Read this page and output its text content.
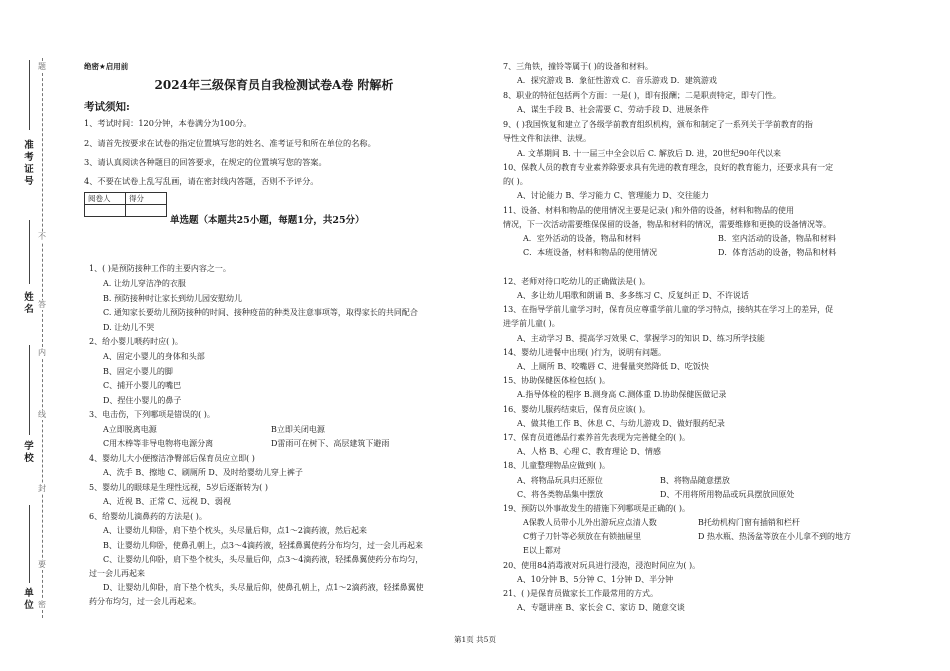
准考证号
姓名
学校
单位 密
不
内
线
封
题
答
要
绝密★启用前
2024年三级保育员自我检测试卷A卷 附解析
考试须知:
1、考试时间：120分钟，本卷满分为100分。
2、请首先按要求在试卷的指定位置填写您的姓名、准考证号和所在单位的名称。
3、请认真阅读各种题目的回答要求，在规定的位置填写您的答案。
4、不要在试卷上乱写乱画，请在密封线内答题，否则不予评分。
阅卷人	得分

单选题（本题共25小题，每题1分，共25分）
1、( )是预防接种工作的主要内容之一。
A. 让幼儿穿洁净的衣服
B. 预防接种时让家长到幼儿园安慰幼儿
C. 通知家长要幼儿预防接种的时间、接种疫苗的种类及注意事项等，取得家长的共同配合
D. 让幼儿不哭
2、给小婴儿喂药时应( )。
A、固定小婴儿的身体和头部
B、固定小婴儿的脚
C、捕开小婴儿的嘴巴
D、捏住小婴儿的鼻子
3、电击伤，下列哪项是错误的( )。
A立即脱离电源	B立即关闭电源
C用木棒等非导电物将电源分离	D雷雨可在树下、高层建筑下避雨
4、婴幼儿大小便擦洁净臀部后保育员应立即( )
A、洗手 B、擦地 C、刷厕所 D、及时给婴幼儿穿上裤子
5、婴幼儿的眼球是生理性远视，5岁后逐渐转为( )
A、近视 B、正常 C、远视 D、弱视
6、给婴幼儿滴鼻药的方法是( )。
A、让婴幼儿仰卧，肩下垫个枕头，头尽量后仰，点1～2滴药液，然后起来
B、让婴幼儿仰卧，使鼻孔朝上，点3～4滴药液，轻揉鼻翼使药分布均匀，过一会儿再起来
C、让婴幼儿仰卧，肩下垫个枕头，头尽量后仰，点3～4滴药液，轻揉鼻翼使药分布均匀，
过一会儿再起来
D、让婴幼儿仰卧，肩下垫个枕头，头尽量后仰，使鼻孔朝上，点1～2滴药液，轻揉鼻翼使
药分布均匀，过一会儿再起来。
7、三角铁，撞铃等属于( )的设备和材料。
A．探究游戏 B．象征性游戏 C．音乐游戏 D．建筑游戏
8、职业的特征包括两个方面：一是( )，即有报酬；二是职责特定，即专门性。
A、谋生手段 B、社会需要 C、劳动手段 D、进展条件
9、( )我国恢复和建立了各级学前教育组织机构，颁布和制定了一系列关于学前教育的指
导性文件和法律、法规。
A. 文革期间 B. 十一届三中全会以后 C. 解放后 D. 进，20世纪90年代以来
10、保教人员的教育专业素养除要求具有先进的教育理念，良好的教育能力，还要求具有一定
的( )。
A、讨论能力 B、学习能力 C、管理能力 D、交往能力
11、设备、材料和物品的使用情况主要是记录( )和外借的设备，材料和物品的使用
情况，下一次活动需要维保保留的设备，物品和材料的情况，需要维修和更换的设备情况等。
A．室外活动的设备，物品和材料	B．室内活动的设备，物品和材料
C．本班设备，材料和物品的使用情况	D．体育活动的设备，物品和材料
12、老师对待口吃幼儿的正确做法是( )。
A、多让幼儿唱歌和朗诵 B、多多练习 C、反复纠正 D、不许说话
13、在指导学前儿童学习时，保育员应尊重学前儿童的学习特点，接纳其在学习上的差异，促
进学前儿童( )。
A、主动学习 B、提高学习效果 C、掌握学习的知识 D、练习所学技能
14、婴幼儿进餐中出现( )行为，说明有问题。
A、上厕所 B、咬嘴唇 C、进餐量突然降低 D、吃饭快
15、协助保健医体检包括( )。
A.指导体检的程序 B.测身高 C.测体重 D.协助保健医做记录
16、婴幼儿服药结束后，保育员应该( )。
A、做其他工作 B、休息 C、与幼儿游戏 D、做好服药纪录
17、保育员道德品行素养首先表现为完善健全的( )。
A、人格 B、心理 C、教育理论 D、情感
18、儿童整理物品应做到( )。
A、将物品玩具归还原位	B、将物品随意摆放
C、将各类物品集中摆放	D、不用将所用物品或玩具摆放回原处
19、预防以外事故发生的措施下列哪项是正确的( )。
A保教人员带小儿外出游玩应点清人数	B托幼机构门窗有插销和栏杆
C剪子刀针等必须放在有锁抽屉里	D 热水瓶、热汤盆等放在小儿拿不到的地方
E以上都对
20、使用84消毒液对玩具进行浸泡，浸泡时间应为( )。
A、10分钟 B、5分钟 C、1分钟 D、半分钟
21、( )是保育员做家长工作最常用的方式。
A、专题讲座 B、家长会 C、家访 D、随意交谈
第1页 共5页
